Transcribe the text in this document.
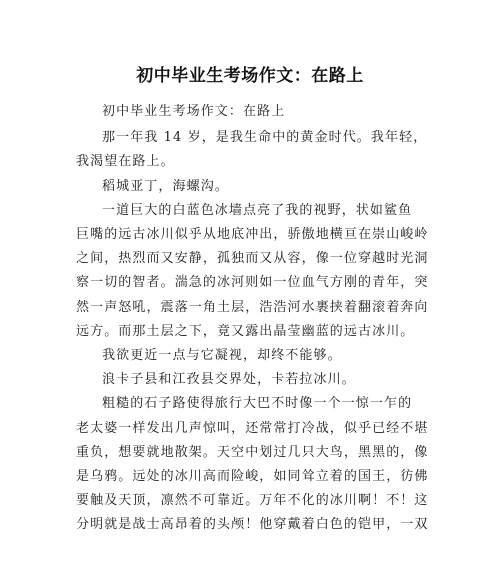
初中毕业生考场作文：在路上

初中毕业生考场作文：在路上

那一年我 14 岁，是我生命中的黄金时代。我年轻，
我渴望在路上。

稻城亚丁，海螺沟。

一道巨大的白蓝色冰墙点亮了我的视野，状如鲨鱼
巨嘴的远古冰川似乎从地底冲出，骄傲地横亘在崇山峻岭
之间，热烈而又安静，孤独而又从容，像一位穿越时光洞
察一切的智者。湍急的冰河则如一位血气方刚的青年，突
然一声怒吼，震落一角土层，浩浩河水裹挟着翻滚着奔向
远方。而那土层之下，竟又露出晶莹幽蓝的远古冰川。

我欲更近一点与它凝视，却终不能够。

浪卡子县和江孜县交界处，卡若拉冰川。

粗糙的石子路使得旅行大巴不时像一个一惊一乍的
老太婆一样发出几声惊叫，还常常打冷战，似乎已经不堪
重负，想要就地散架。天空中划过几只大鸟，黑黑的，像
是乌鸦。远处的冰川高而险峻，如同耸立着的国王，彷佛
要触及天顶，凛然不可靠近。万年不化的冰川啊！不！这
分明就是战士高昂着的头颅！他穿戴着白色的铠甲，一双
